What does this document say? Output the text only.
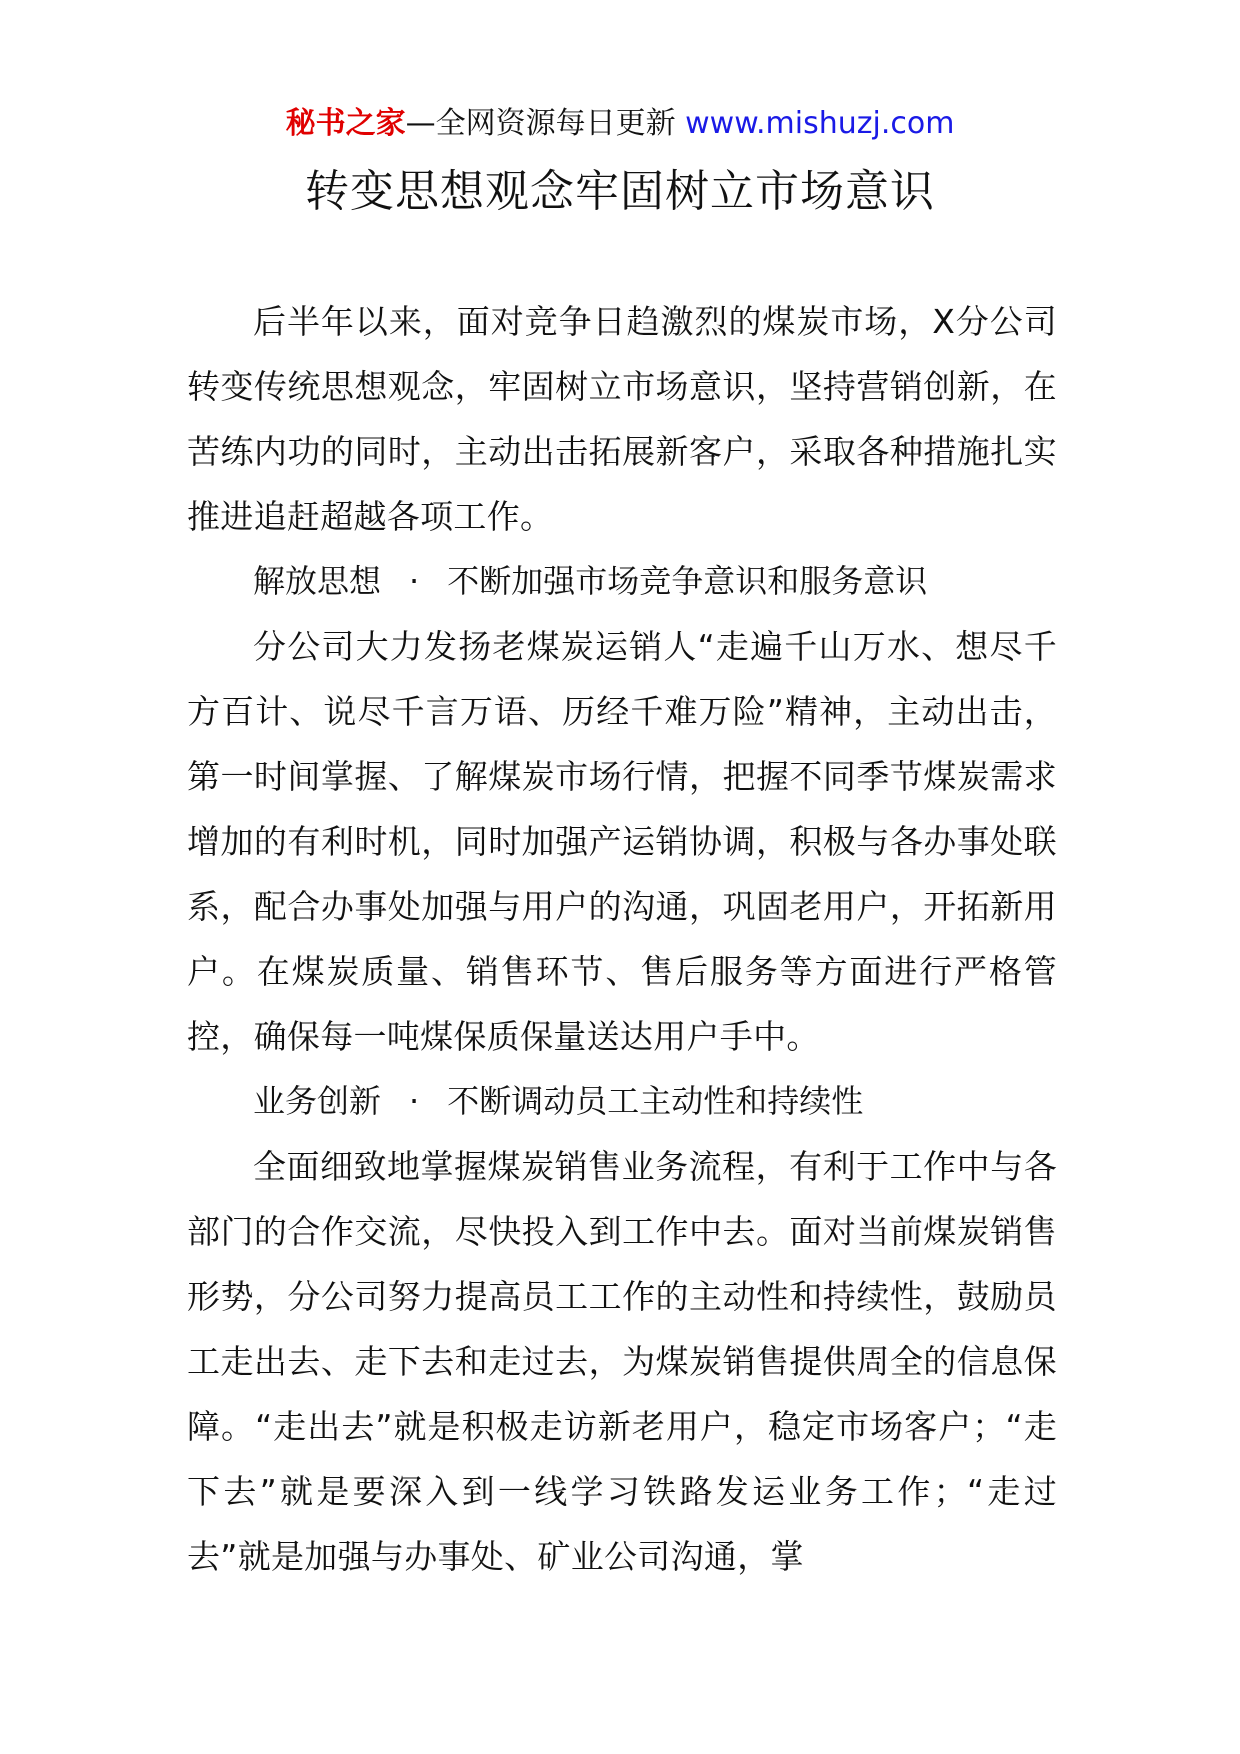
秘书之家—全网资源每日更新 www.mishuzj.com
转变思想观念牢固树立市场意识

后半年以来，面对竞争日趋激烈的煤炭市场，X分公司转变传统思想观念，牢固树立市场意识，坚持营销创新，在苦练内功的同时，主动出击拓展新客户，采取各种措施扎实推进追赶超越各项工作。

解放思想 · 不断加强市场竞争意识和服务意识

分公司大力发扬老煤炭运销人“走遍千山万水、想尽千方百计、说尽千言万语、历经千难万险”精神，主动出击，第一时间掌握、了解煤炭市场行情，把握不同季节煤炭需求增加的有利时机，同时加强产运销协调，积极与各办事处联系，配合办事处加强与用户的沟通，巩固老用户，开拓新用户。在煤炭质量、销售环节、售后服务等方面进行严格管控，确保每一吨煤保质保量送达用户手中。

业务创新 · 不断调动员工主动性和持续性

全面细致地掌握煤炭销售业务流程，有利于工作中与各部门的合作交流，尽快投入到工作中去。面对当前煤炭销售形势，分公司努力提高员工工作的主动性和持续性，鼓励员工走出去、走下去和走过去，为煤炭销售提供周全的信息保障。“走出去”就是积极走访新老用户，稳定市场客户；“走下去”就是要深入到一线学习铁路发运业务工作；“走过去”就是加强与办事处、矿业公司沟通，掌
